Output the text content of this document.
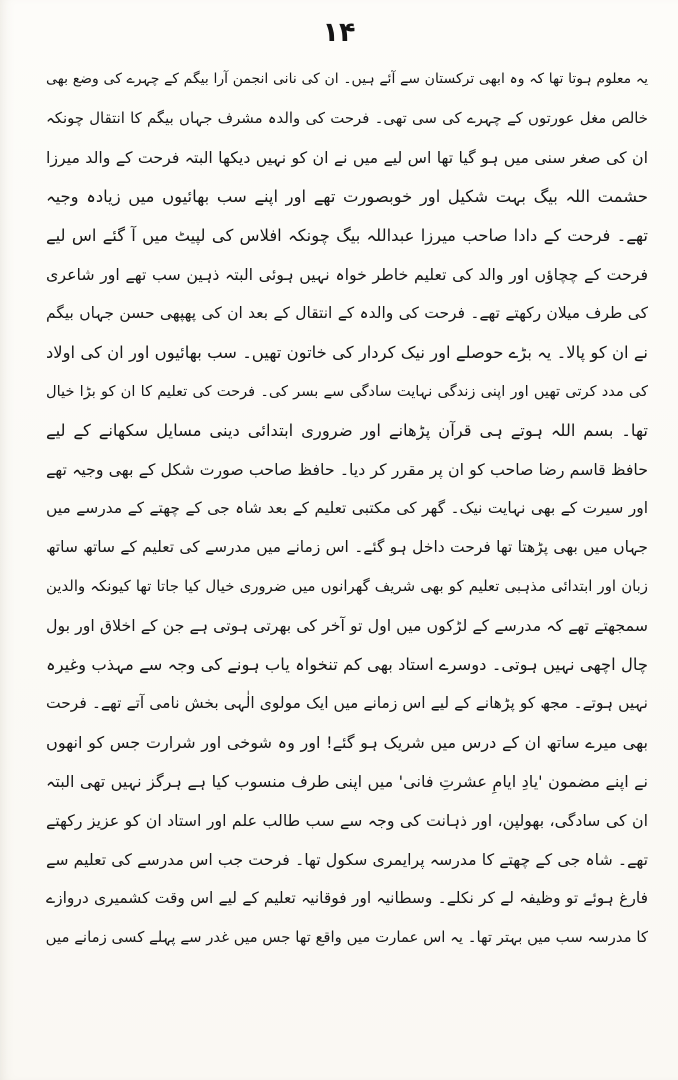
۱۴
یہ معلوم ہوتا تھا کہ وہ ابھی ترکستان سے آئے ہیں۔ ان کی نانی انجمن آرا بیگم کے چہرے کی وضع بھی
خالص مغل عورتوں کے چہرے کی سی تھی۔ فرحت کی والدہ مشرف جہاں بیگم کا انتقال چونکہ
ان کی صغر سنی میں ہو گیا تھا اس لیے میں نے ان کو نہیں دیکھا البتہ فرحت کے والد میرزا
حشمت اللہ بیگ بہت شکیل اور خوبصورت تھے اور اپنے سب بھائیوں میں زیادہ وجیہ
تھے۔ فرحت کے دادا صاحب میرزا عبداللہ بیگ چونکہ افلاس کی لپیٹ میں آ گئے اس لیے
فرحت کے چچاؤں اور والد کی تعلیم خاطر خواہ نہیں ہوئی البتہ ذہین سب تھے اور شاعری
کی طرف میلان رکھتے تھے۔ فرحت کی والدہ کے انتقال کے بعد ان کی پھپھی حسن جہاں بیگم
نے ان کو پالا۔ یہ بڑے حوصلے اور نیک کردار کی خاتون تھیں۔ سب بھائیوں اور ان کی اولاد
کی مدد کرتی تھیں اور اپنی زندگی نہایت سادگی سے بسر کی۔ فرحت کی تعلیم کا ان کو بڑا خیال
تھا۔ بسم اللہ ہوتے ہی قرآن پڑھانے اور ضروری ابتدائی دینی مسایل سکھانے کے لیے
حافظ قاسم رضا صاحب کو ان پر مقرر کر دیا۔ حافظ صاحب صورت شکل کے بھی وجیہ تھے
اور سیرت کے بھی نہایت نیک۔ گھر کی مکتبی تعلیم کے بعد شاہ جی کے چھتے کے مدرسے میں
جہاں میں بھی پڑھتا تھا فرحت داخل ہو گئے۔ اس زمانے میں مدرسے کی تعلیم کے ساتھ ساتھ
زبان اور ابتدائی مذہبی تعلیم کو بھی شریف گھرانوں میں ضروری خیال کیا جاتا تھا کیونکہ والدین
سمجھتے تھے کہ مدرسے کے لڑکوں میں اول تو آخر کی بھرتی ہوتی ہے جن کے اخلاق اور بول
چال اچھی نہیں ہوتی۔ دوسرے استاد بھی کم تنخواہ یاب ہونے کی وجہ سے مہذب وغیرہ
نہیں ہوتے۔ مجھ کو پڑھانے کے لیے اس زمانے میں ایک مولوی الٰہی بخش نامی آتے تھے۔ فرحت
بھی میرے ساتھ ان کے درس میں شریک ہو گئے! اور وہ شوخی اور شرارت جس کو انھوں
نے اپنے مضمون 'یادِ ایامِ عشرتِ فانی' میں اپنی طرف منسوب کیا ہے ہرگز نہیں تھی البتہ
ان کی سادگی، بھولپن، اور ذہانت کی وجہ سے سب طالب علم اور استاد ان کو عزیز رکھتے
تھے۔ شاہ جی کے چھتے کا مدرسہ پرایمری سکول تھا۔ فرحت جب اس مدرسے کی تعلیم سے
فارغ ہوئے تو وظیفہ لے کر نکلے۔ وسطانیہ اور فوقانیہ تعلیم کے لیے اس وقت کشمیری دروازے
کا مدرسہ سب میں بہتر تھا۔ یہ اس عمارت میں واقع تھا جس میں غدر سے پہلے کسی زمانے میں
